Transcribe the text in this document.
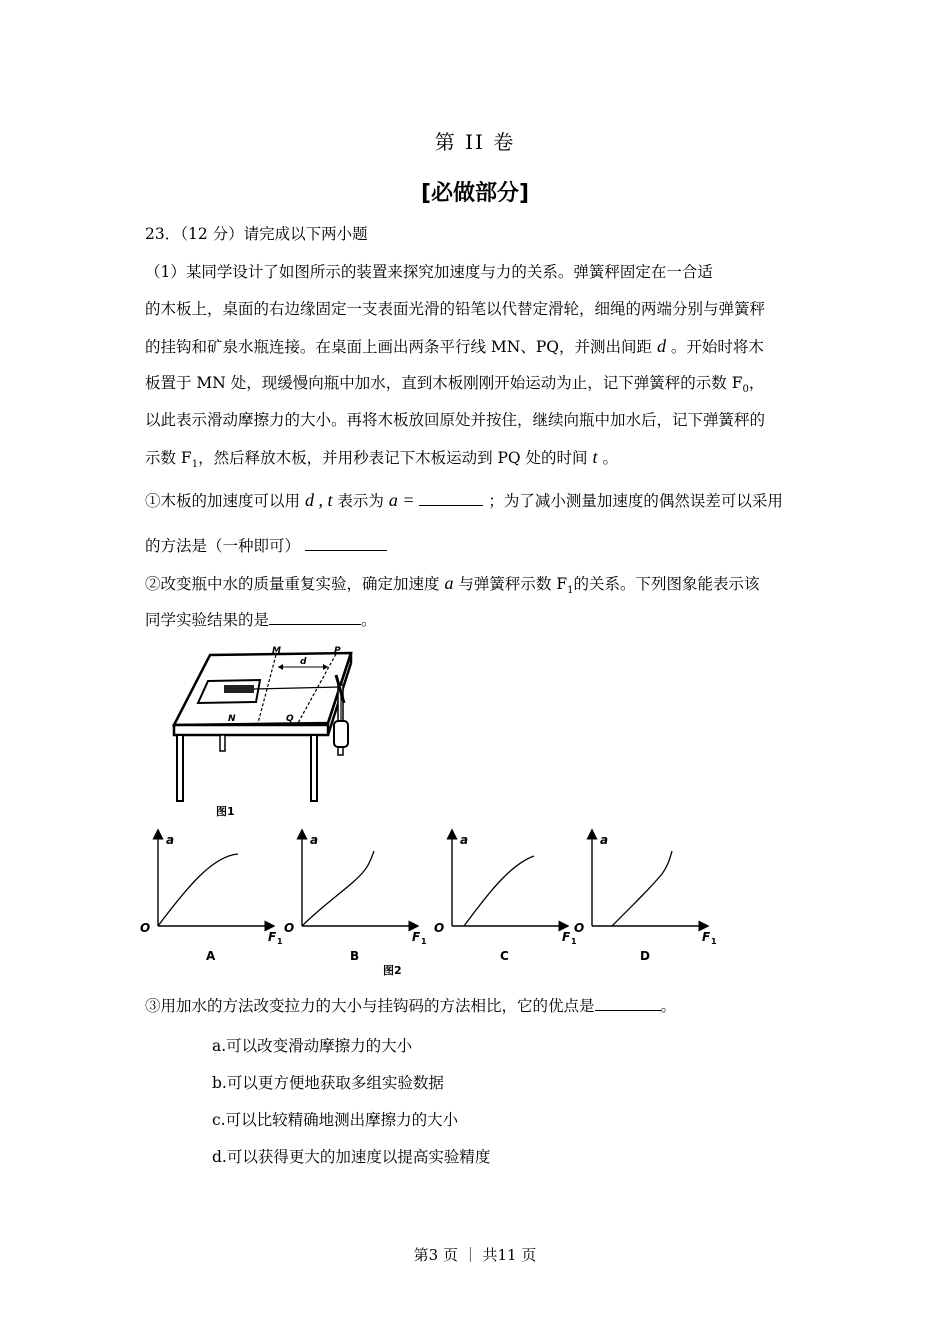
第 II 卷
[必做部分]
23．（12 分）请完成以下两小题
（1）某同学设计了如图所示的装置来探究加速度与力的关系。弹簧秤固定在一合适
的木板上，桌面的右边缘固定一支表面光滑的铅笔以代替定滑轮，细绳的两端分别与弹簧秤
的挂钩和矿泉水瓶连接。在桌面上画出两条平行线 MN、PQ，并测出间距 d 。开始时将木
板置于 MN 处，现缓慢向瓶中加水，直到木板刚刚开始运动为止，记下弹簧秤的示数 $F_0$，
以此表示滑动摩擦力的大小。再将木板放回原处并按住，继续向瓶中加水后，记下弹簧秤的
示数 $F_1$，然后释放木板，并用秒表记下木板运动到 PQ 处的时间 t 。
①木板的加速度可以用 d , t 表示为 a =	；为了减小测量加速度的偶然误差可以采用
的方法是（一种即可）
②改变瓶中水的质量重复实验，确定加速度 a 与弹簧秤示数 $F_1$的关系。下列图象能表示该
同学实验结果的是	。
M	P
d
N	Q
图1
a
O
F 1
A
a
O
F 1
B
a
O
F 1
C
a
O
F 1
D
图2
③用加水的方法改变拉力的大小与挂钩码的方法相比，它的优点是	。
a.可以改变滑动摩擦力的大小
b.可以更方便地获取多组实验数据
c.可以比较精确地测出摩擦力的大小
d.可以获得更大的加速度以提高实验精度
第3 页 ｜ 共11 页
